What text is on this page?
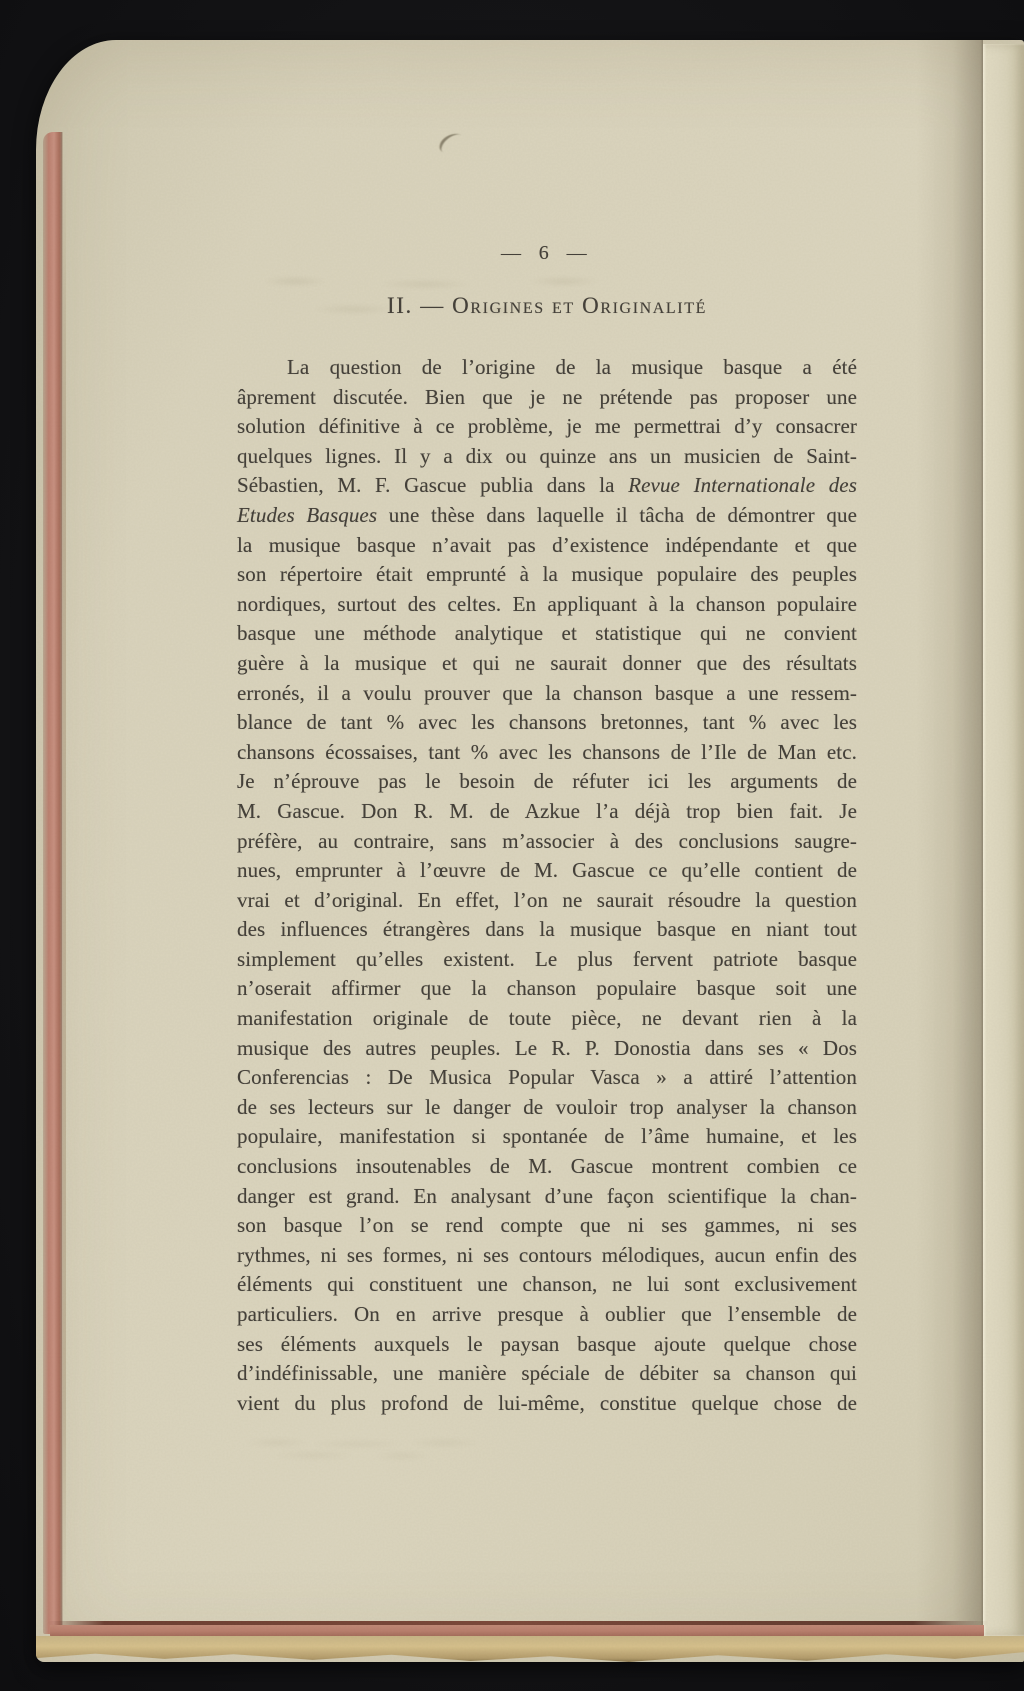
— 6 —
II. — Origines et Originalité
La question de l’origine de la musique basque a été
âprement discutée. Bien que je ne prétende pas proposer une
solution définitive à ce problème, je me permettrai d’y consacrer
quelques lignes. Il y a dix ou quinze ans un musicien de Saint-
Sébastien, M. F. Gascue publia dans la Revue Internationale des
Etudes Basques une thèse dans laquelle il tâcha de démontrer que
la musique basque n’avait pas d’existence indépendante et que
son répertoire était emprunté à la musique populaire des peuples
nordiques, surtout des celtes. En appliquant à la chanson populaire
basque une méthode analytique et statistique qui ne convient
guère à la musique et qui ne saurait donner que des résultats
erronés, il a voulu prouver que la chanson basque a une ressem-
blance de tant % avec les chansons bretonnes, tant % avec les
chansons écossaises, tant % avec les chansons de l’Ile de Man etc.
Je n’éprouve pas le besoin de réfuter ici les arguments de
M. Gascue. Don R. M. de Azkue l’a déjà trop bien fait. Je
préfère, au contraire, sans m’associer à des conclusions saugre-
nues, emprunter à l’œuvre de M. Gascue ce qu’elle contient de
vrai et d’original. En effet, l’on ne saurait résoudre la question
des influences étrangères dans la musique basque en niant tout
simplement qu’elles existent. Le plus fervent patriote basque
n’oserait affirmer que la chanson populaire basque soit une
manifestation originale de toute pièce, ne devant rien à la
musique des autres peuples. Le R. P. Donostia dans ses « Dos
Conferencias : De Musica Popular Vasca » a attiré l’attention
de ses lecteurs sur le danger de vouloir trop analyser la chanson
populaire, manifestation si spontanée de l’âme humaine, et les
conclusions insoutenables de M. Gascue montrent combien ce
danger est grand. En analysant d’une façon scientifique la chan-
son basque l’on se rend compte que ni ses gammes, ni ses
rythmes, ni ses formes, ni ses contours mélodiques, aucun enfin des
éléments qui constituent une chanson, ne lui sont exclusivement
particuliers. On en arrive presque à oublier que l’ensemble de
ses éléments auxquels le paysan basque ajoute quelque chose
d’indéfinissable, une manière spéciale de débiter sa chanson qui
vient du plus profond de lui-même, constitue quelque chose de
